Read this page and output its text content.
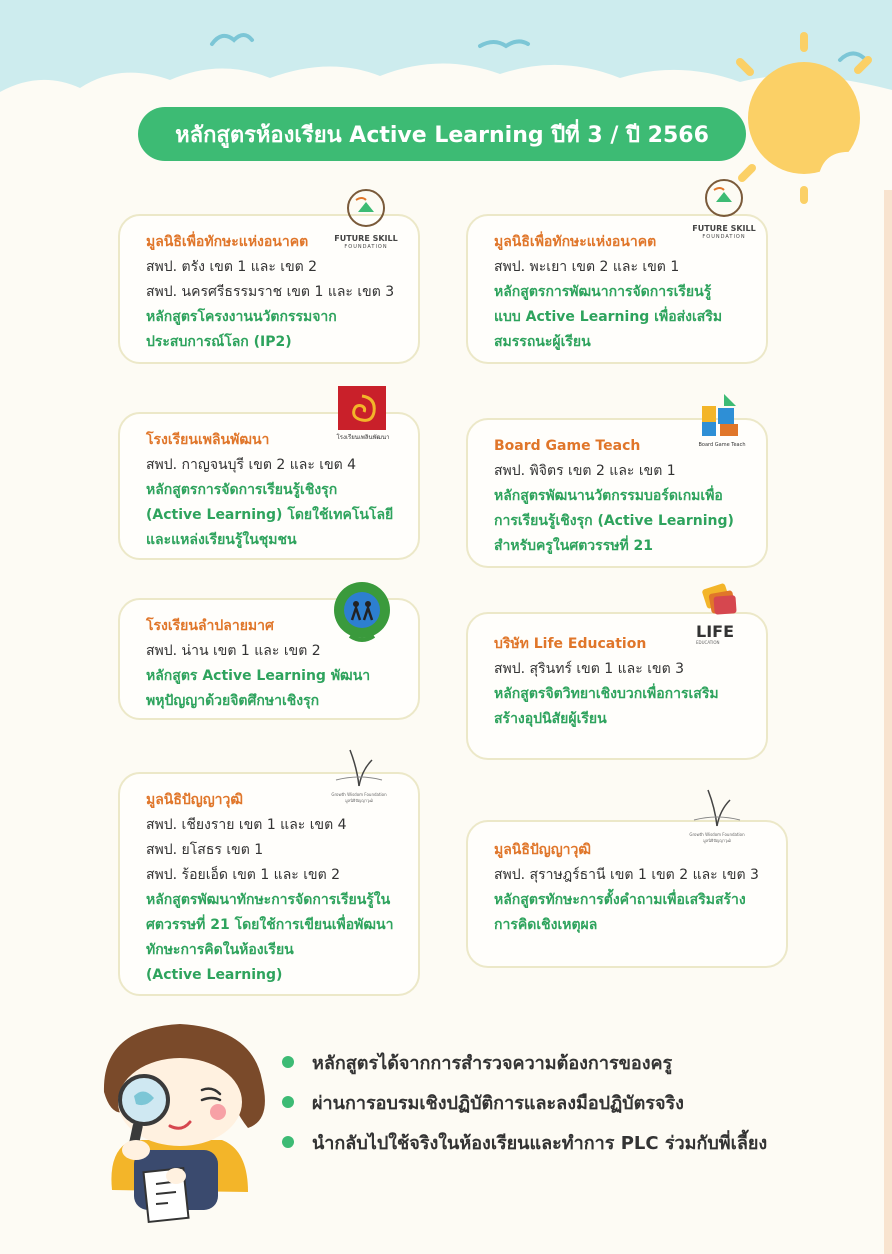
หลักสูตรห้องเรียน Active Learning ปีที่ 3 / ปี 2566
มูลนิธิเพื่อทักษะแห่งอนาคต
สพป. ตรัง เขต 1 และ เขต 2
สพป. นครศรีธรรมราช เขต 1 และ เขต 3
หลักสูตรโครงงานนวัตกรรมจาก
ประสบการณ์โลก (IP2)
FUTURE SKILL
FOUNDATION	มูลนิธิเพื่อทักษะแห่งอนาคต
สพป. พะเยา เขต 2 และ เขต 1
หลักสูตรการพัฒนาการจัดการเรียนรู้
แบบ Active Learning เพื่อส่งเสริม
สมรรถนะผู้เรียน
FUTURE SKILL
FOUNDATION
โรงเรียนเพลินพัฒนา
สพป. กาญจนบุรี เขต 2 และ เขต 4
หลักสูตรการจัดการเรียนรู้เชิงรุก
(Active Learning) โดยใช้เทคโนโลยี
และแหล่งเรียนรู้ในชุมชน
โรงเรียนเพลินพัฒนา
Board Game Teach
สพป. พิจิตร เขต 2 และ เขต 1
หลักสูตรพัฒนานวัตกรรมบอร์ดเกมเพื่อ
การเรียนรู้เชิงรุก (Active Learning)
สำหรับครูในศตวรรษที่ 21
Board Game Teach
โรงเรียนลำปลายมาศ
สพป. น่าน เขต 1 และ เขต 2
หลักสูตร Active Learning พัฒนา
พหุปัญญาด้วยจิตศึกษาเชิงรุก
บริษัท Life Education
สพป. สุรินทร์ เขต 1 และ เขต 3
หลักสูตรจิตวิทยาเชิงบวกเพื่อการเสริม
สร้างอุปนิสัยผู้เรียน
LIFE
EDUCATION
มูลนิธิปัญญาวุฒิ
สพป. เชียงราย เขต 1 และ เขต 4
สพป. ยโสธร เขต 1
สพป. ร้อยเอ็ด เขต 1 และ เขต 2
หลักสูตรพัฒนาทักษะการจัดการเรียนรู้ใน
ศตวรรษที่ 21 โดยใช้การเขียนเพื่อพัฒนา
ทักษะการคิดในห้องเรียน
(Active Learning)
Growth Wisdom Foundation
มูลนิธิปัญญาวุฒิ
มูลนิธิปัญญาวุฒิ
สพป. สุราษฎร์ธานี เขต 1 เขต 2 และ เขต 3
หลักสูตรทักษะการตั้งคำถามเพื่อเสริมสร้าง
การคิดเชิงเหตุผล
Growth Wisdom Foundation
มูลนิธิปัญญาวุฒิ
หลักสูตรได้จากการสำรวจความต้องการของครู
ผ่านการอบรมเชิงปฏิบัติการและลงมือปฏิบัตรจริง
นำกลับไปใช้จริงในห้องเรียนและทำการ PLC ร่วมกับพี่เลี้ยง
